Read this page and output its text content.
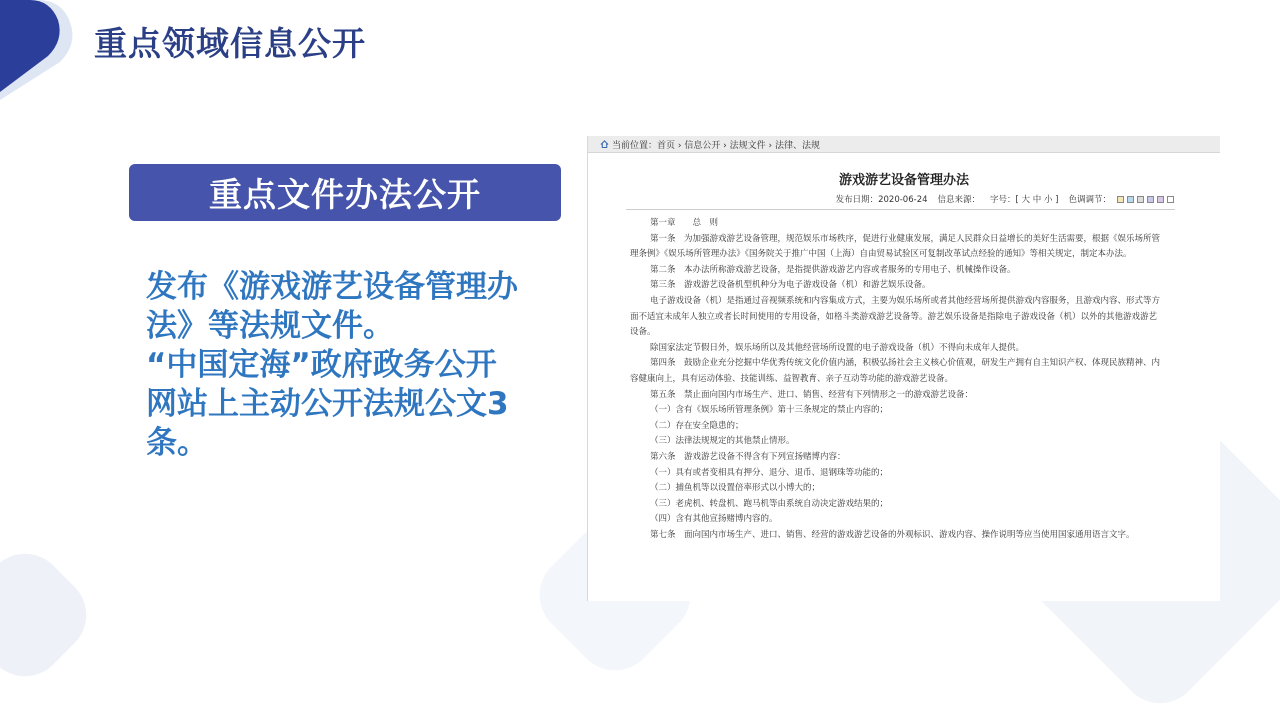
重点领域信息公开
重点文件办法公开
发布《游戏游艺设备管理办
法》等法规文件。
“中国定海”政府政务公开
网站上主动公开法规公文3
条。
当前位置：首页 › 信息公开 › 法规文件 › 法律、法规
游戏游艺设备管理办法
发布日期：2020-06-24 信息来源： 字号：[ 大 中 小 ] 色调调节：

第一章　　总　则

第一条　为加强游戏游艺设备管理，规范娱乐市场秩序，促进行业健康发展，满足人民群众日益增长的美好生活需要，根据《娱乐场所管理条例》《娱乐场所管理办法》《国务院关于推广中国（上海）自由贸易试验区可复制改革试点经验的通知》等相关规定，制定本办法。

第二条　本办法所称游戏游艺设备，是指提供游戏游艺内容或者服务的专用电子、机械操作设备。

第三条　游戏游艺设备机型机种分为电子游戏设备（机）和游艺娱乐设备。

电子游戏设备（机）是指通过音视频系统和内容集成方式，主要为娱乐场所或者其他经营场所提供游戏内容服务，且游戏内容、形式等方面不适宜未成年人独立或者长时间使用的专用设备，如格斗类游戏游艺设备等。游艺娱乐设备是指除电子游戏设备（机）以外的其他游戏游艺设备。

除国家法定节假日外，娱乐场所以及其他经营场所设置的电子游戏设备（机）不得向未成年人提供。

第四条　鼓励企业充分挖掘中华优秀传统文化价值内涵，积极弘扬社会主义核心价值观，研发生产拥有自主知识产权、体现民族精神、内容健康向上，具有运动体验、技能训练、益智教育、亲子互动等功能的游戏游艺设备。

第五条　禁止面向国内市场生产、进口、销售、经营有下列情形之一的游戏游艺设备：

（一）含有《娱乐场所管理条例》第十三条规定的禁止内容的；

（二）存在安全隐患的；

（三）法律法规规定的其他禁止情形。

第六条　游戏游艺设备不得含有下列宣扬赌博内容：

（一）具有或者变相具有押分、退分、退币、退钢珠等功能的；

（二）捕鱼机等以设置倍率形式以小博大的；

（三）老虎机、转盘机、跑马机等由系统自动决定游戏结果的；

（四）含有其他宣扬赌博内容的。

第七条　面向国内市场生产、进口、销售、经营的游戏游艺设备的外观标识、游戏内容、操作说明等应当使用国家通用语言文字。
